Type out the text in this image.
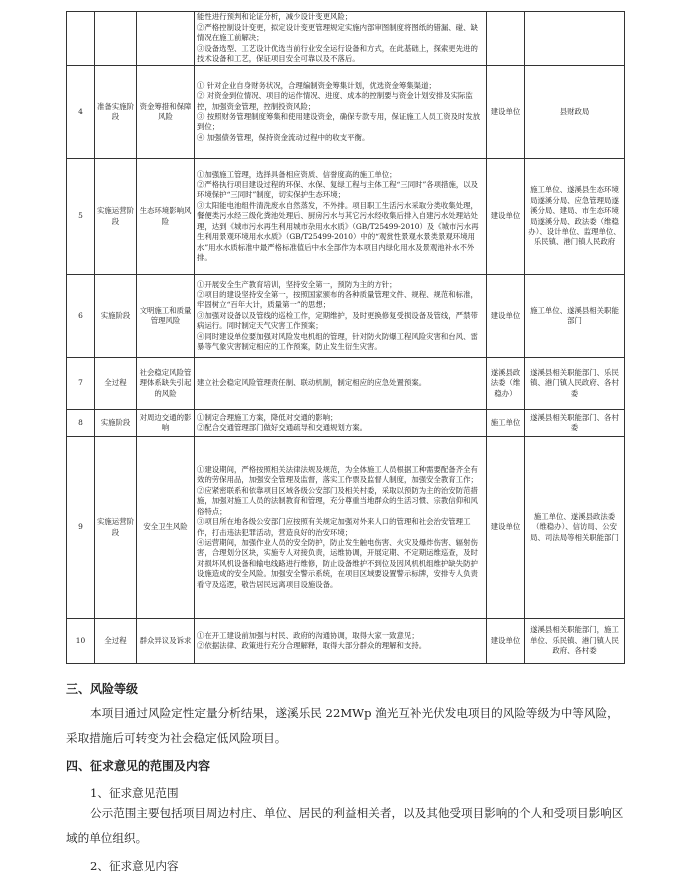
			能性进行预判和论证分析，减少设计变更风险；
②严格控制设计变更，拟定设计变更管理规定实施内部审图制度将图纸的错漏、碰、缺情况在施工前解决；
③设备选型、工艺设计优选当前行业安全运行设备和方式，在此基础上，探索更先进的技术设备和工艺，保证项目安全可靠以及不落后。		

4	准备实施阶段	资金筹措和保障风险	① 针对企业自身财务状况，合理编制资金筹集计划，优选资金筹集渠道；
② 对资金到位情况、项目的运作情况、进度、成本的控制要与资金计划安排及实际监控，加强资金管理，控制投资风险；
③ 按照财务管理制度筹集和使用建设资金，确保专款专用，保证施工人员工资及时发放到位；
④ 加强债务管理，保持资金流动过程中的收支平衡。	建设单位	县财政局
5	实施运营阶段	生态环境影响风险	①加强施工管理，选择具备相应资质、信誉度高的施工单位；
②严格执行项目建设过程的环保、水保、复绿工程与主体工程“三同时”各项措施，以及环境保护“三同时”制度，切实保护生态环境；
③太阳能电池组件清洗废水自然蒸发，不外排。项目职工生活污水采取分类收集处理，餐便类污水经三级化粪池处理后、厨房污水与其它污水经收集后排入自建污水处理站处理，达到《城市污水再生利用城市杂用水水质》（GB/T25499-2010）及《城市污水再生利用景观环境用水水质》（GB/T25499-2010）中的“观赏性景观水景类景观环境用水”用水水质标准中最严格标准值后中水全部作为本项目内绿化用水及景观池补水不外排。	建设单位	施工单位、遂溪县生态环境局遂溪分局、应急管理局遂溪分局、建局、市生态环境局遂溪分局、政法委（维稳办）、设计单位、监理单位、乐民镇、港门镇人民政府
6	实施阶段	文明施工和质量管理风险	①开展安全生产教育培训，坚持安全第一，预防为主的方针；
②项目的建设坚持安全第一，按照国家颁布的各种质量管理文件、规程、规范和标准，牢固树立“百年大计，质量第一”的思想；
③加强对设备以及管线的巡检工作，定期维护，及时更换修复受损设备及管线，严禁带病运行。同时制定天气灾害工作预案；
④同时建设单位要加强对风险发电机组的管理，针对防火防爆工程风险灾害和台风、雷暴等气象灾害制定相应的工作预案，防止发生衍生灾害。	建设单位	施工单位、遂溪县相关职能部门
7	全过程	社会稳定风险管理体系缺失引起的风险	建立社会稳定风险管理责任制、联动机制，制定相应的应急处置预案。	遂溪县政法委（维稳办）	遂溪县相关职能部门、乐民镇、港门镇人民政府、各村委
8	实施阶段	对周边交通的影响	①制定合理施工方案，降低对交通的影响；
②配合交通管理部门做好交通疏导和交通规划方案。	施工单位	遂溪县相关职能部门、各村委
9	实施运营阶段	安全卫生风险	①建设期间，严格按照相关法律法规及规范，为全体施工人员根据工种需要配备齐全有效的劳保用品，加强安全管理及监督，落实工作票及监督人制度，加强安全教育工作；
②应紧密联系和依靠项目区域各级公安部门及相关村委，采取以预防为主的治安防范措施，加强对施工人员的法制教育和管理，充分尊重当地群众的生活习惯、宗教信仰和风俗特点；
③项目所在地各级公安部门应按照有关规定加强对外来人口的管理和社会治安管理工作，打击违法犯罪活动，营造良好的治安环境；
④运营期间，加强作业人员的安全防护，防止发生触电伤害、火灾及爆炸伤害、辐射伤害，合理划分区块，实施专人对接负责，运维协调，开展定期、不定期运维巡查，及时对损坏风机设备和输电线路进行维修，防止设备维护不到位及因风机机组维护缺失防护设施造成的安全风险。加强安全警示系统，在项目区域要设置警示标牌，安排专人负责看守及巡逻，敬告居民远离项目设施设备。	建设单位	施工单位、遂溪县政法委（维稳办）、信访局、公安局、司法局等相关职能部门
10	全过程	群众异议及诉求	①在开工建设前加强与村民、政府的沟通协调，取得大家一致意见；
②依据法律、政策进行充分合理解释，取得大部分群众的理解和支持。	建设单位	遂溪县相关职能部门，施工单位、乐民镇、港门镇人民政府、各村委
三、风险等级
本项目通过风险定性定量分析结果，遂溪乐民 22MWp 渔光互补光伏发电项目的风险等级为中等风险，采取措施后可转变为社会稳定低风险项目。
四、征求意见的范围及内容
1、征求意见范围
公示范围主要包括项目周边村庄、单位、居民的利益相关者，以及其他受项目影响的个人和受项目影响区域的单位组织。
2、征求意见内容
